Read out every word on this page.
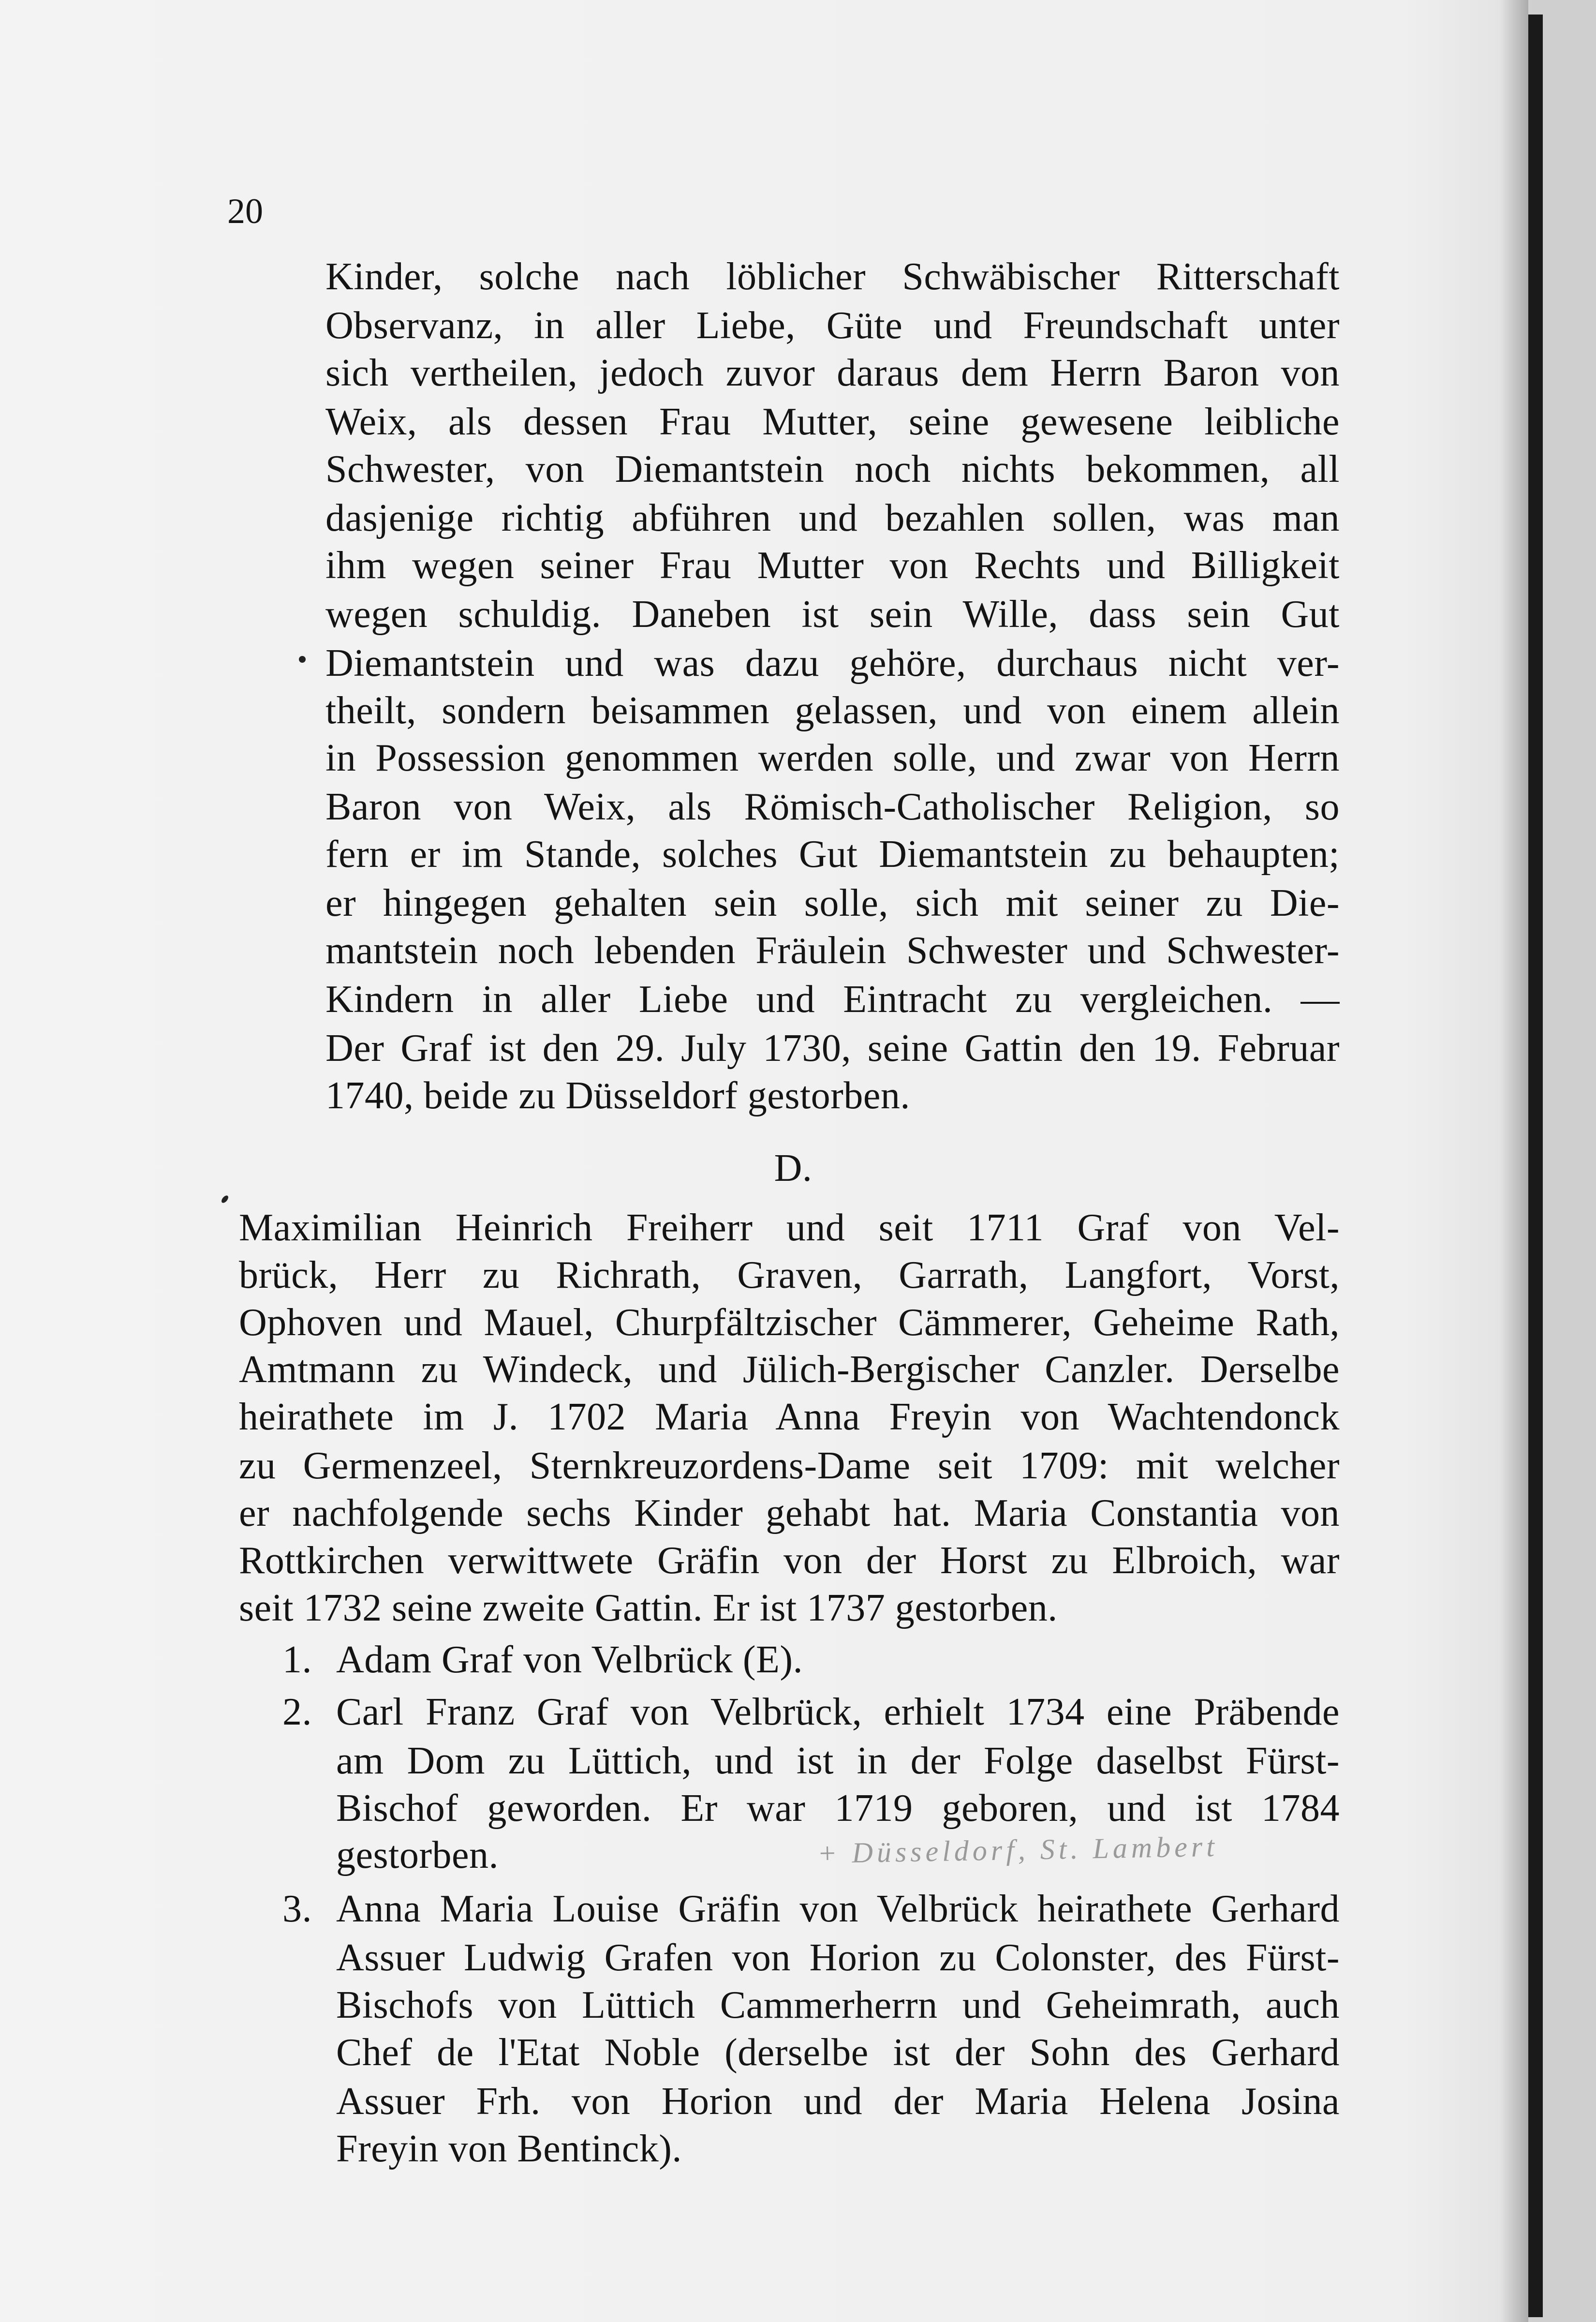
20
Kinder, solche nach löblicher Schwäbischer Ritterschaft
Observanz, in aller Liebe, Güte und Freundschaft unter
sich vertheilen, jedoch zuvor daraus dem Herrn Baron von
Weix, als dessen Frau Mutter, seine gewesene leibliche
Schwester, von Diemantstein noch nichts bekommen, all
dasjenige richtig abführen und bezahlen sollen, was man
ihm wegen seiner Frau Mutter von Rechts und Billigkeit
wegen schuldig. Daneben ist sein Wille, dass sein Gut
Diemantstein und was dazu gehöre, durchaus nicht ver-
theilt, sondern beisammen gelassen, und von einem allein
in Possession genommen werden solle, und zwar von Herrn
Baron von Weix, als Römisch-Catholischer Religion, so
fern er im Stande, solches Gut Diemantstein zu behaupten;
er hingegen gehalten sein solle, sich mit seiner zu Die-
mantstein noch lebenden Fräulein Schwester und Schwester-
Kindern in aller Liebe und Eintracht zu vergleichen. —
Der Graf ist den 29. July 1730, seine Gattin den 19. Februar
1740, beide zu Düsseldorf gestorben.
D.
Maximilian Heinrich Freiherr und seit 1711 Graf von Vel-
brück, Herr zu Richrath, Graven, Garrath, Langfort, Vorst,
Ophoven und Mauel, Churpfältzischer Cämmerer, Geheime Rath,
Amtmann zu Windeck, und Jülich-Bergischer Canzler. Derselbe
heirathete im J. 1702 Maria Anna Freyin von Wachtendonck
zu Germenzeel, Sternkreuzordens-Dame seit 1709: mit welcher
er nachfolgende sechs Kinder gehabt hat. Maria Constantia von
Rottkirchen verwittwete Gräfin von der Horst zu Elbroich, war
seit 1732 seine zweite Gattin. Er ist 1737 gestorben.
1. Adam Graf von Velbrück (E).
2. Carl Franz Graf von Velbrück, erhielt 1734 eine Präbende
am Dom zu Lüttich, und ist in der Folge daselbst Fürst-
Bischof geworden. Er war 1719 geboren, und ist 1784
gestorben.
3. Anna Maria Louise Gräfin von Velbrück heirathete Gerhard
Assuer Ludwig Grafen von Horion zu Colonster, des Fürst-
Bischofs von Lüttich Cammerherrn und Geheimrath, auch
Chef de l'Etat Noble (derselbe ist der Sohn des Gerhard
Assuer Frh. von Horion und der Maria Helena Josina
Freyin von Bentinck).
+ Düsseldorf, St. Lambert
